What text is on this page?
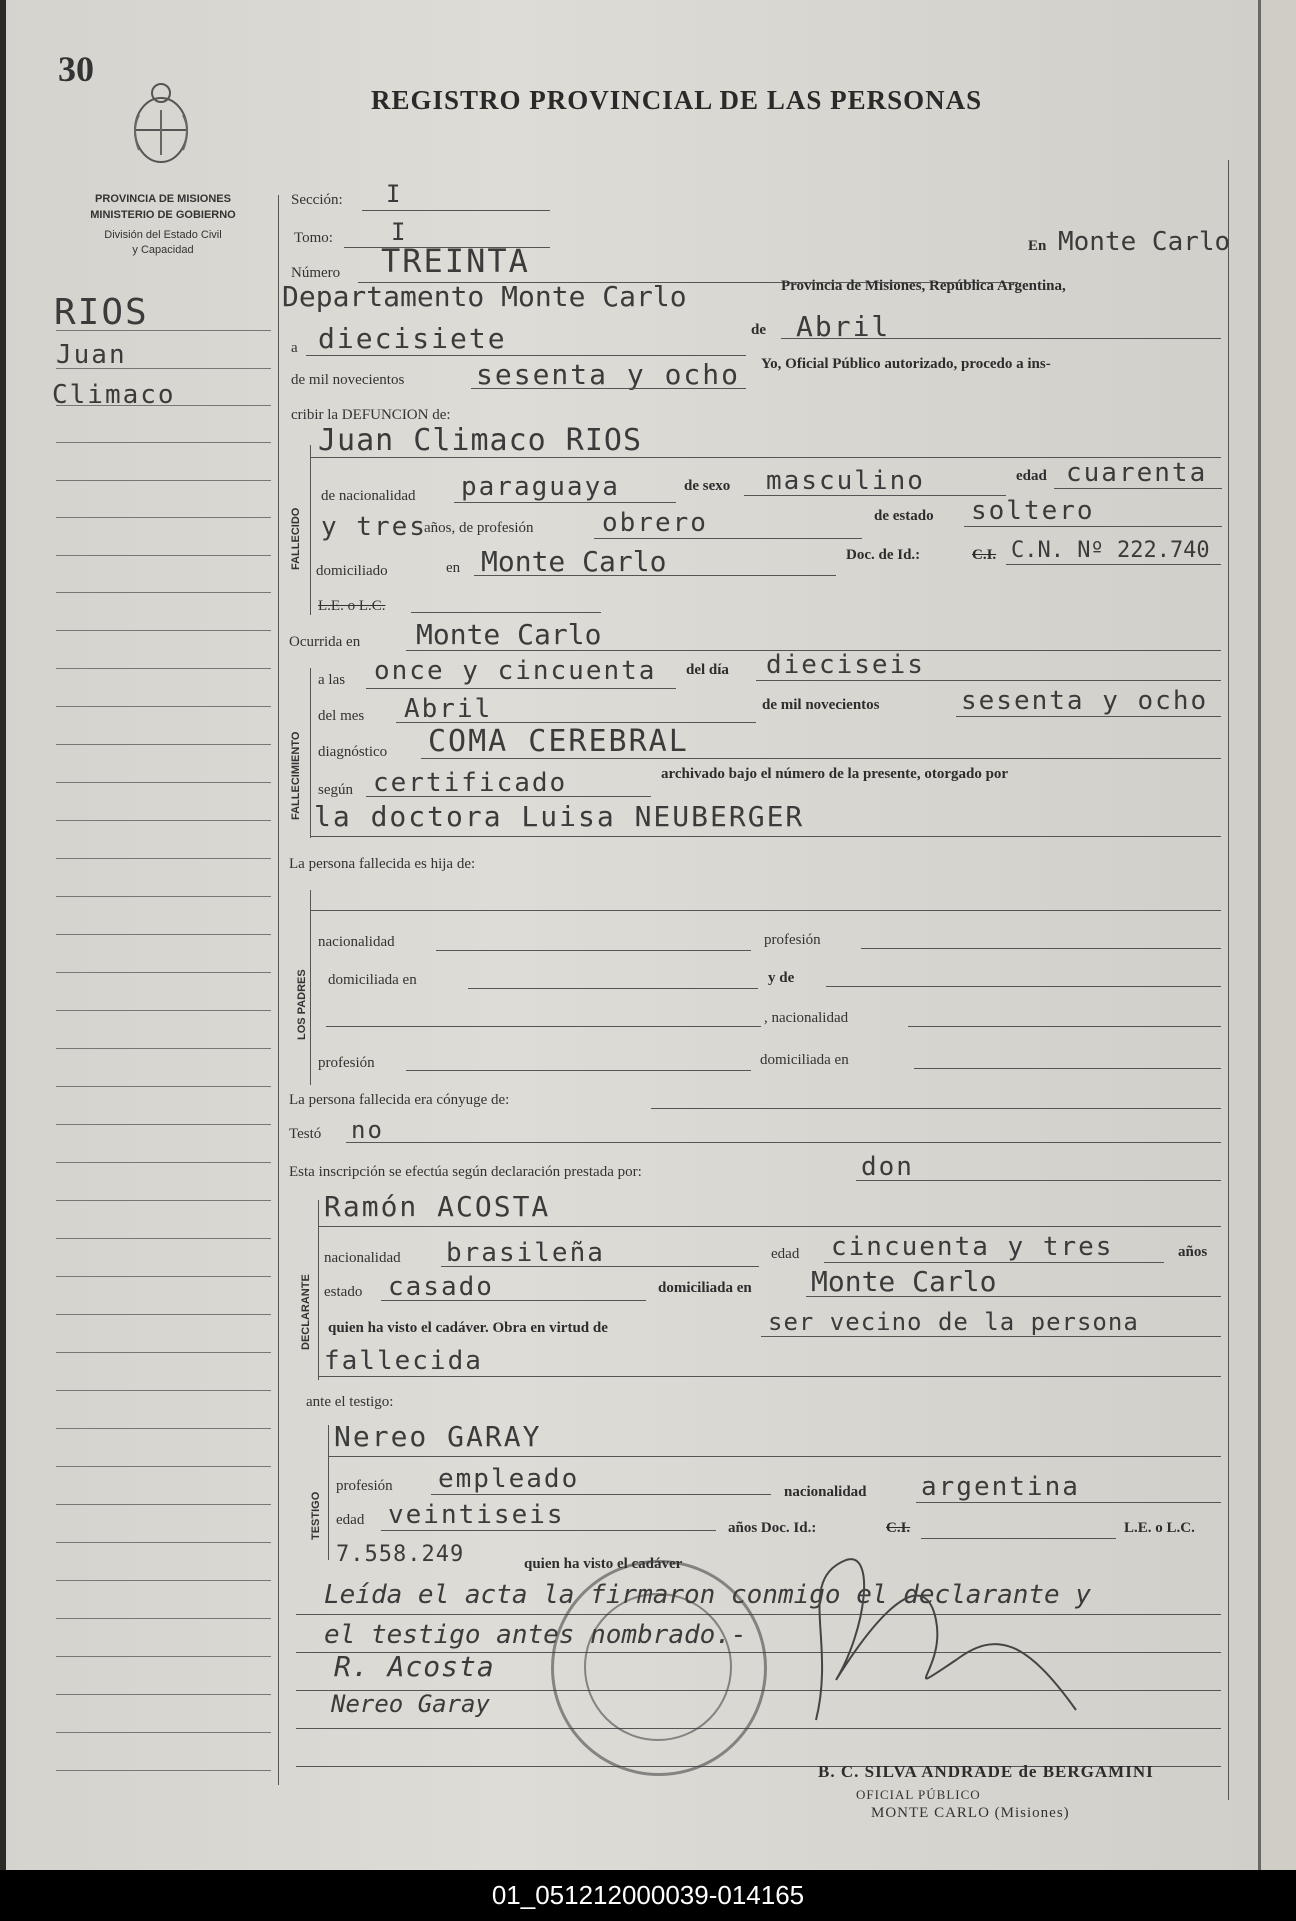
30
PROVINCIA DE MISIONES
MINISTERIO DE GOBIERNO
División del Estado Civil
y Capacidad
REGISTRO PROVINCIAL DE LAS PERSONAS
RIOS
Juan
Climaco
Sección: I
Tomo: I
Número TREINTA	En Monte Carlo
Departamento Monte Carlo	Provincia de Misiones, República Argentina,
a diecisiete	de Abril
de mil novecientos	sesenta y ocho Yo, Oficial Público autorizado, procedo a ins-
cribir la DEFUNCION de:
FALLECIDO
Juan Climaco RIOS
de nacionalidad paraguaya	de sexo masculino	edad cuarenta
y tres
años, de profesión	obrero	de estado soltero
domiciliado	en Monte Carlo	Doc. de Id.:	C.I. C.N. Nº 222.740
L.E. o L.C.
Ocurrida en Monte Carlo
FALLECIMIENTO
a las once y cincuenta del día dieciseis
del mes Abril	de mil novecientos	sesenta y ocho
diagnóstico COMA CEREBRAL
según certificado	archivado bajo el número de la presente, otorgado por
la doctora Luisa NEUBERGER
La persona fallecida es hija de:
LOS PADRES
nacionalidad	profesión
domiciliada en	y de
, nacionalidad
profesión	domiciliada en
La persona fallecida era cónyuge de:
Testó no
Esta inscripción se efectúa según declaración prestada por:	don
DECLARANTE
Ramón ACOSTA
nacionalidad brasileña	edad cincuenta y tres	años
estado casado	domiciliada en Monte Carlo
quien ha visto el cadáver. Obra en virtud de	ser vecino de la persona
fallecida
ante el testigo:
TESTIGO
Nereo GARAY
profesión empleado	nacionalidad argentina
edad veintiseis	años Doc. Id.:	C.I.	L.E. o L.C.
7.558.249	quien ha visto el cadáver
Leída el acta la firmaron conmigo el declarante y
el testigo antes nombrado.-
R. Acosta
Nereo Garay
B. C. SILVA ANDRADE de BERGAMINI
OFICIAL PÚBLICO
MONTE CARLO (Misiones)
01_051212000039-014165
